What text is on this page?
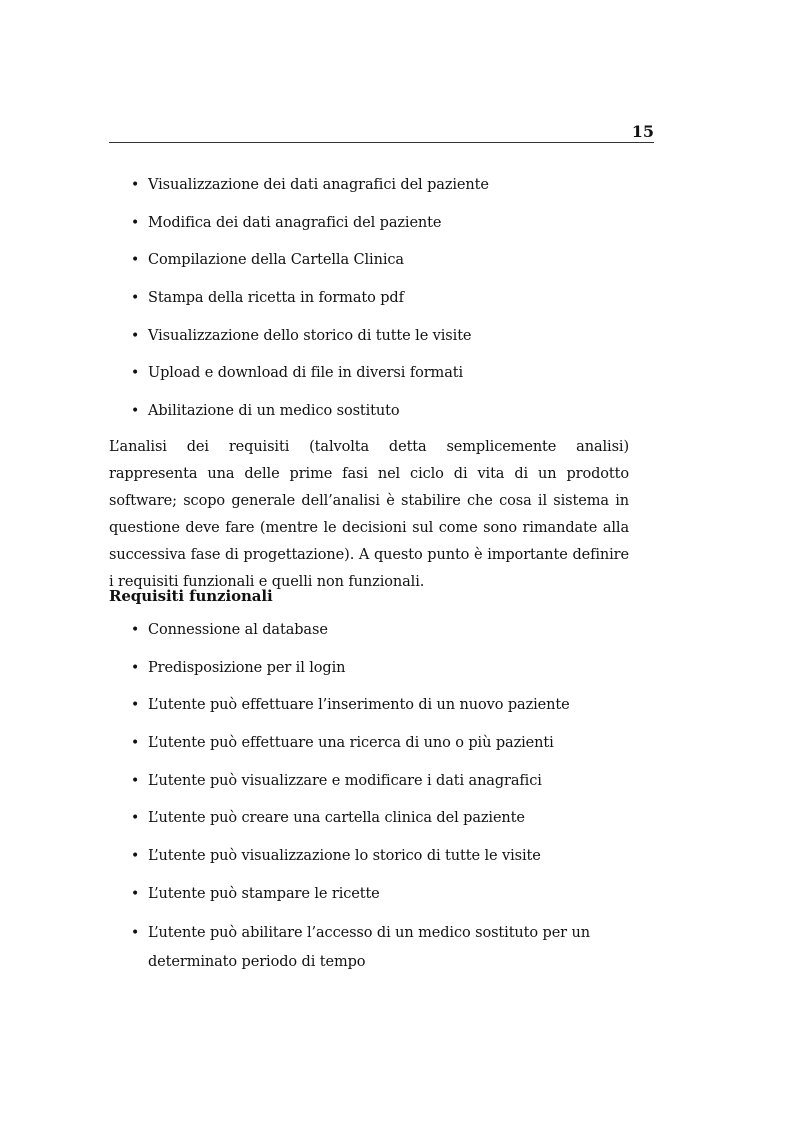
15
• Visualizzazione dei dati anagrafici del paziente
• Modifica dei dati anagrafici del paziente
• Compilazione della Cartella Clinica
• Stampa della ricetta in formato pdf
• Visualizzazione dello storico di tutte le visite
• Upload e download di file in diversi formati
• Abilitazione di un medico sostituto

L’analisi dei requisiti (talvolta detta semplicemente analisi) rappresenta una delle prime fasi nel ciclo di vita di un prodotto software; scopo generale dell’analisi è stabilire che cosa il sistema in questione deve fare (mentre le decisioni sul come sono rimandate alla successiva fase di progettazione). A questo punto è importante definire i requisiti funzionali e quelli non funzionali.

Requisiti funzionali
• Connessione al database
• Predisposizione per il login
• L’utente può effettuare l’inserimento di un nuovo paziente
• L’utente può effettuare una ricerca di uno o più pazienti
• L’utente può visualizzare e modificare i dati anagrafici
• L’utente può creare una cartella clinica del paziente
• L’utente può visualizzazione lo storico di tutte le visite
• L’utente può stampare le ricette
• L’utente può abilitare l’accesso di un medico sostituto per un determinato periodo di tempo
